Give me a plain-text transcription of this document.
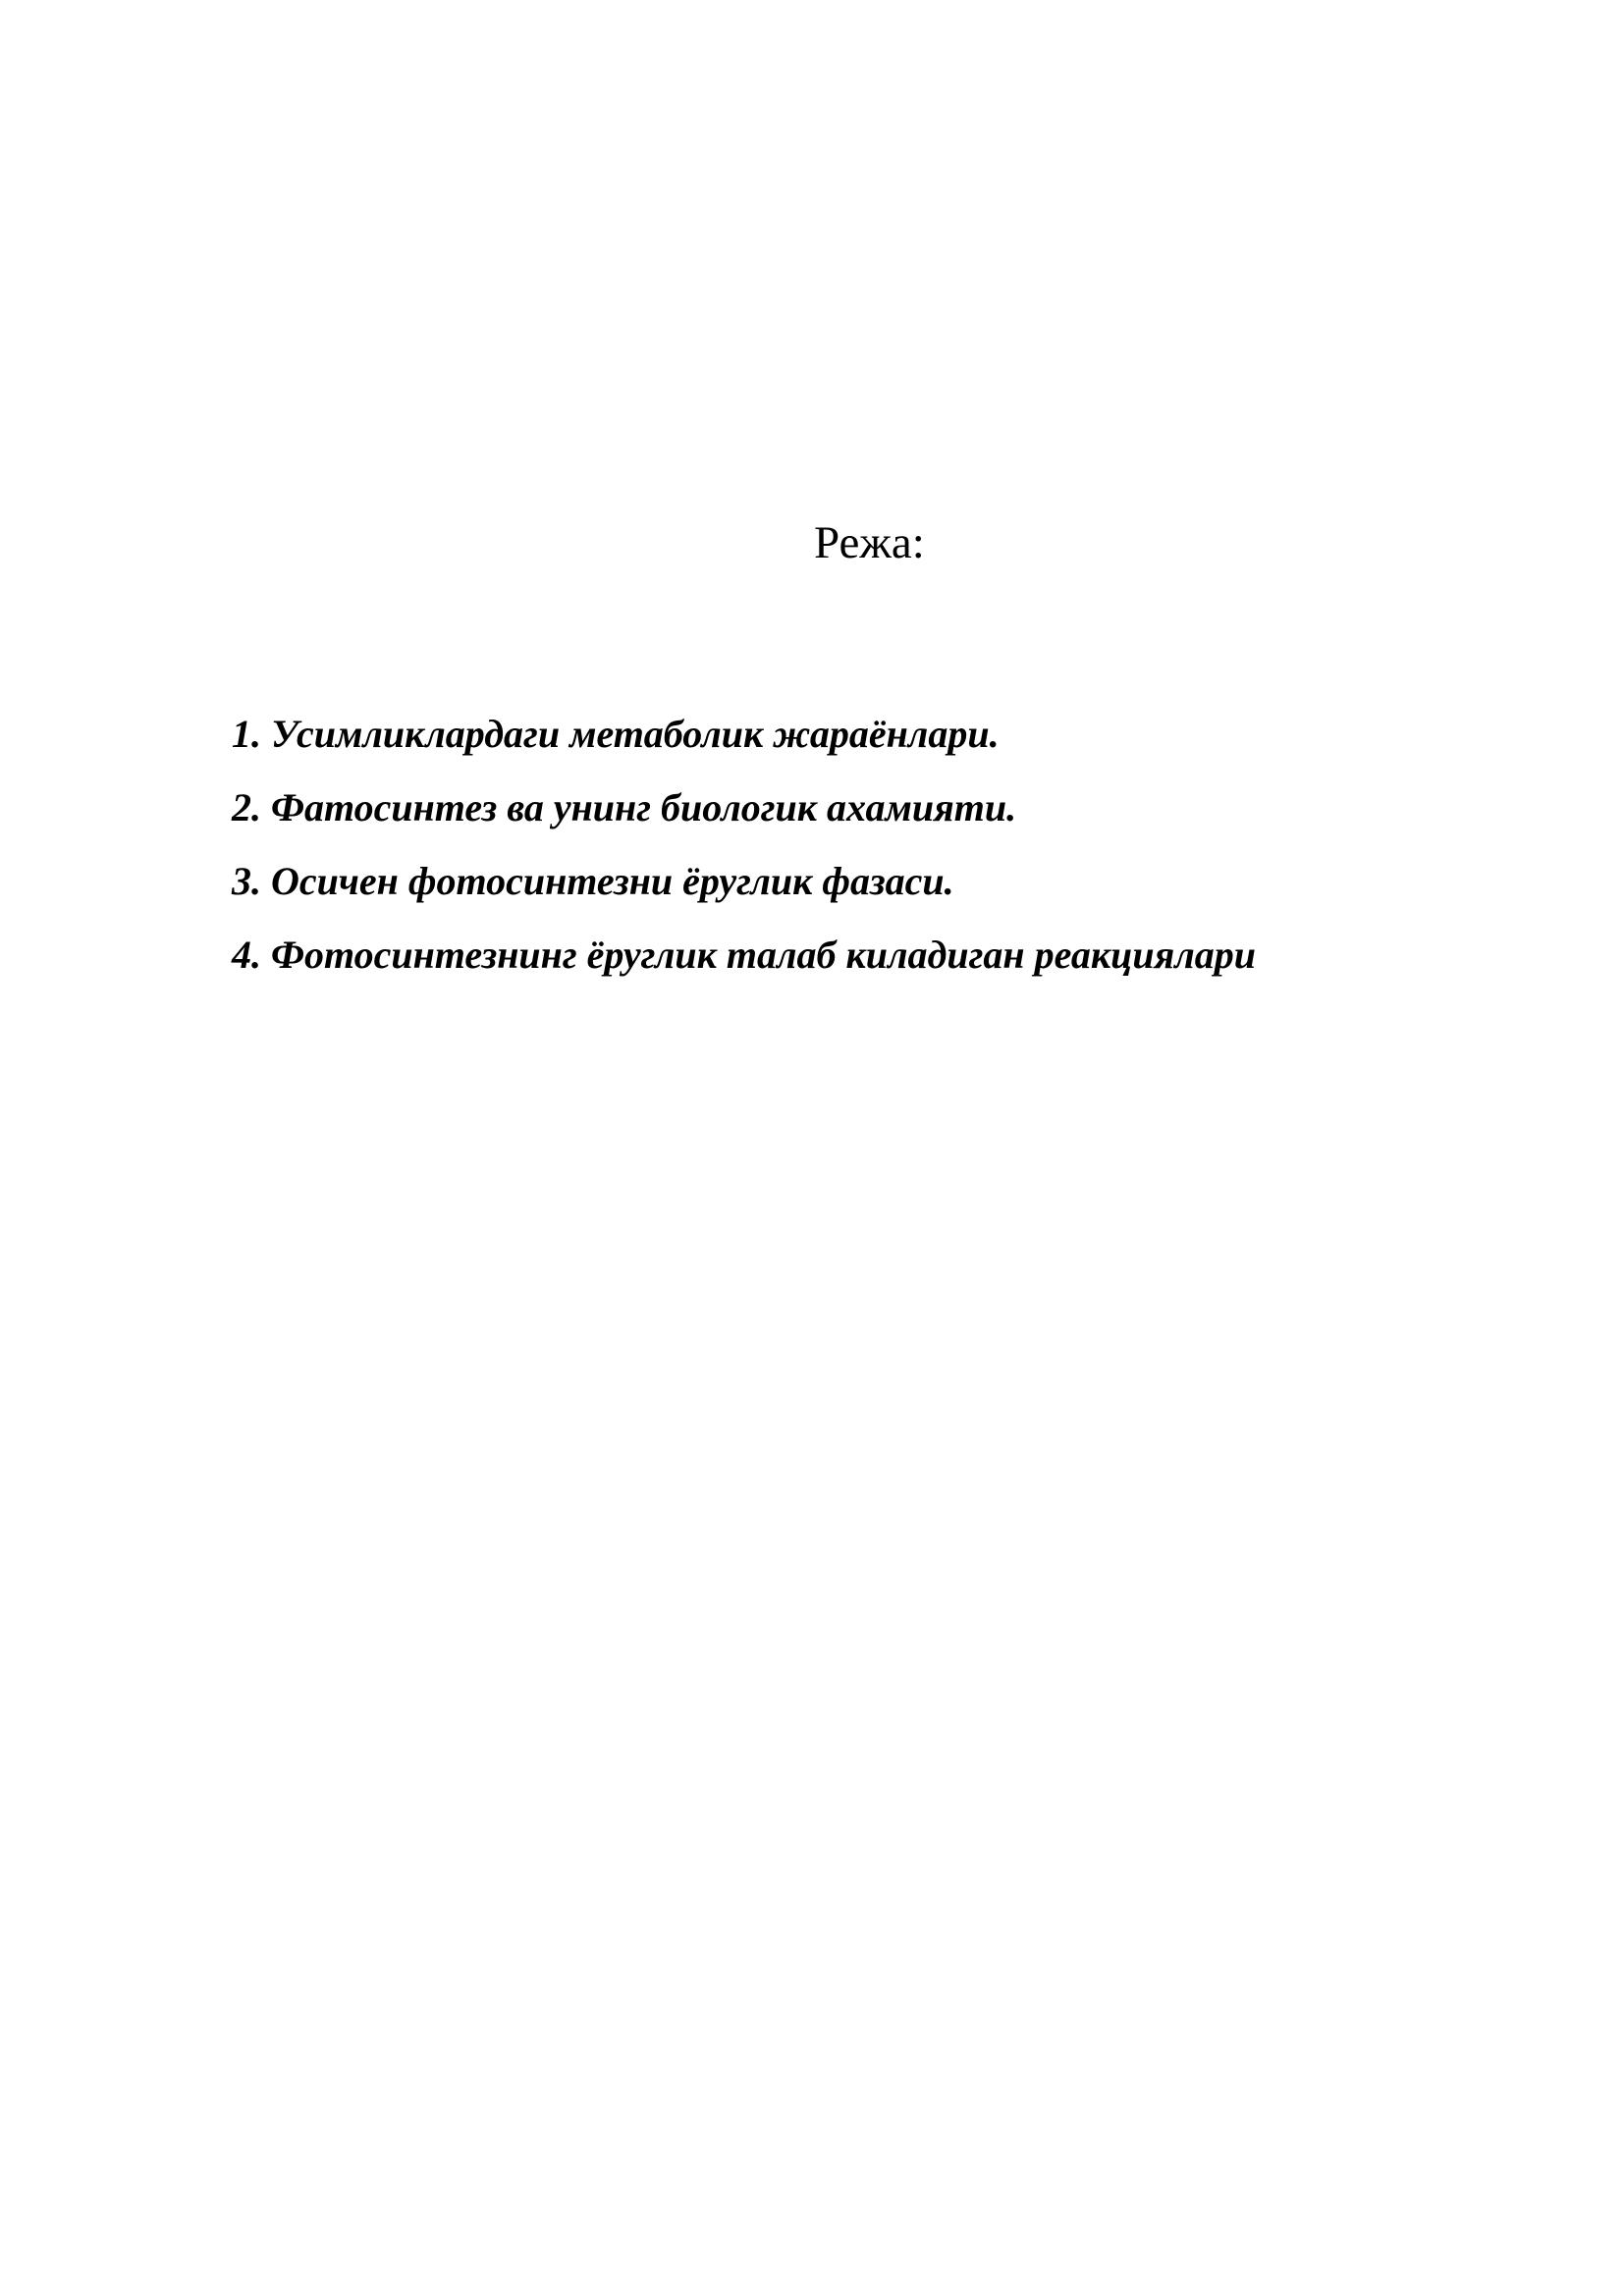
Режа:
1. Усимликлардаги метаболик жараёнлари.
2. Фатосинтез ва унинг биологик ахамияти.
3. Осичен фотосинтезни ёруглик фазаси.
4. Фотосинтезнинг ёруглик талаб киладиган реакциялари
